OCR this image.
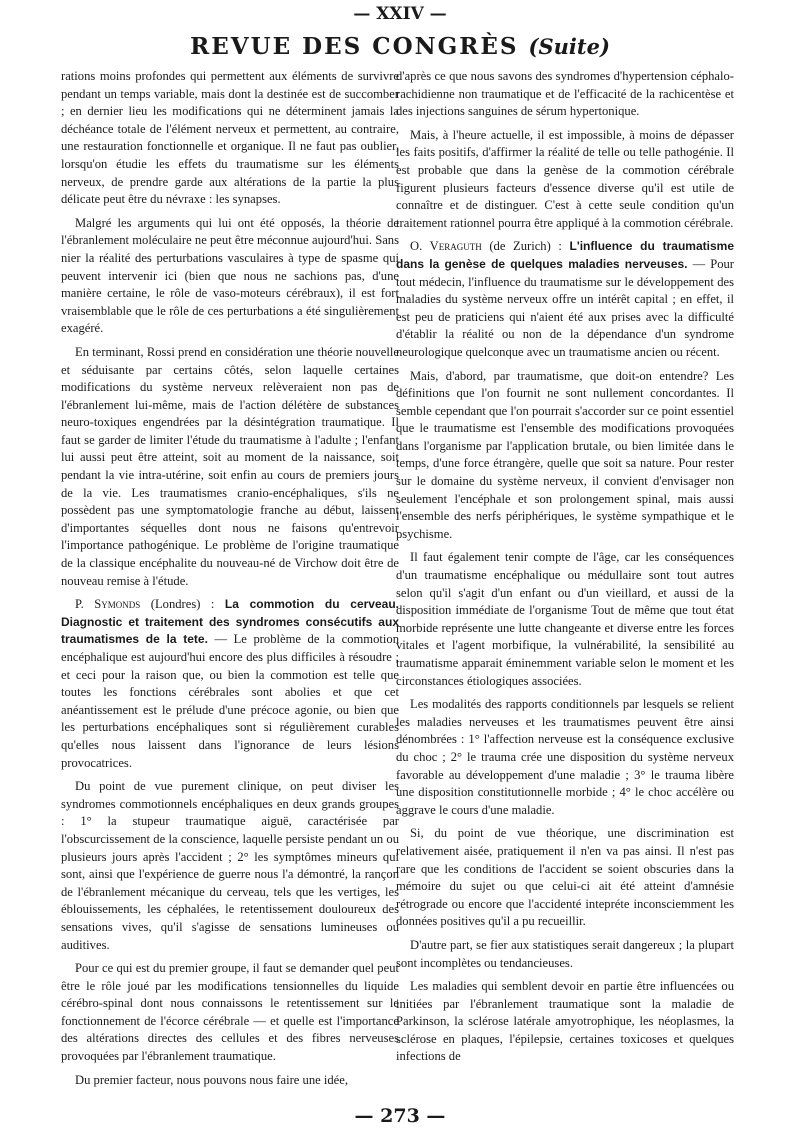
— XXIV —
REVUE DES CONGRÈS (Suite)

rations moins profondes qui permettent aux éléments de survivre pendant un temps variable, mais dont la destinée est de succomber ; en dernier lieu les modifications qui ne déterminent jamais la déchéance totale de l'élément nerveux et permettent, au contraire, une restauration fonctionnelle et organique. Il ne faut pas oublier, lorsqu'on étudie les effets du traumatisme sur les éléments nerveux, de prendre garde aux altérations de la partie la plus délicate peut être du névraxe : les synapses.

Malgré les arguments qui lui ont été opposés, la théorie de l'ébranlement moléculaire ne peut être méconnue aujourd'hui. Sans nier la réalité des perturbations vasculaires à type de spasme qui peuvent intervenir ici (bien que nous ne sachions pas, d'une manière certaine, le rôle de vaso-moteurs cérébraux), il est fort vraisemblable que le rôle de ces perturbations a été singulièrement exagéré.

En terminant, Rossi prend en considération une théorie nouvelle et séduisante par certains côtés, selon laquelle certaines modifications du système nerveux relèveraient non pas de l'ébranlement lui-même, mais de l'action délétère de substances neuro-toxiques engendrées par la désintégration traumatique. Il faut se garder de limiter l'étude du traumatisme à l'adulte ; l'enfant lui aussi peut être atteint, soit au moment de la naissance, soit pendant la vie intra-utérine, soit enfin au cours de premiers jours de la vie. Les traumatismes cranio-encéphaliques, s'ils ne possèdent pas une symptomatologie franche au début, laissent d'importantes séquelles dont nous ne faisons qu'entrevoir l'importance pathogénique. Le problème de l'origine traumatique de la classique encéphalite du nouveau-né de Virchow doit être de nouveau remise à l'étude.

P. Symonds (Londres) : La commotion du cerveau. Diagnostic et traitement des syndromes consécutifs aux traumatismes de la tete. — Le problème de la commotion encéphalique est aujourd'hui encore des plus difficiles à résoudre ; et ceci pour la raison que, ou bien la commotion est telle que toutes les fonctions cérébrales sont abolies et que cet anéantissement est le prélude d'une précoce agonie, ou bien que les perturbations encéphaliques sont si régulièrement curables qu'elles nous laissent dans l'ignorance de leurs lésions provocatrices.

Du point de vue purement clinique, on peut diviser les syndromes commotionnels encéphaliques en deux grands groupes : 1° la stupeur traumatique aiguë, caractérisée par l'obscurcissement de la conscience, laquelle persiste pendant un ou plusieurs jours après l'accident ; 2° les symptômes mineurs qui sont, ainsi que l'expérience de guerre nous l'a démontré, la rançon de l'ébranlement mécanique du cerveau, tels que les vertiges, les éblouissements, les céphalées, le retentissement douloureux des sensations vives, qu'il s'agisse de sensations lumineuses ou auditives.

Pour ce qui est du premier groupe, il faut se demander quel peut être le rôle joué par les modifications tensionnelles du liquide cérébro-spinal dont nous connaissons le retentissement sur le fonctionnement de l'écorce cérébrale — et quelle est l'importance des altérations directes des cellules et des fibres nerveuses provoquées par l'ébranlement traumatique.

Du premier facteur, nous pouvons nous faire une idée,

d'après ce que nous savons des syndromes d'hypertension céphalo-rachidienne non traumatique et de l'efficacité de la rachicentèse et des injections sanguines de sérum hypertonique.

Mais, à l'heure actuelle, il est impossible, à moins de dépasser les faits positifs, d'affirmer la réalité de telle ou telle pathogénie. Il est probable que dans la genèse de la commotion cérébrale figurent plusieurs facteurs d'essence diverse qu'il est utile de connaître et de distinguer. C'est à cette seule condition qu'un traitement rationnel pourra être appliqué à la commotion cérébrale.

O. Veraguth (de Zurich) : L'influence du traumatisme dans la genèse de quelques maladies nerveuses. — Pour tout médecin, l'influence du traumatisme sur le développement des maladies du système nerveux offre un intérêt capital ; en effet, il est peu de praticiens qui n'aient été aux prises avec la difficulté d'établir la réalité ou non de la dépendance d'un syndrome neurologique quelconque avec un traumatisme ancien ou récent.

Mais, d'abord, par traumatisme, que doit-on entendre? Les définitions que l'on fournit ne sont nullement concordantes. Il semble cependant que l'on pourrait s'accorder sur ce point essentiel que le traumatisme est l'ensemble des modifications provoquées dans l'organisme par l'application brutale, ou bien limitée dans le temps, d'une force étrangère, quelle que soit sa nature. Pour rester sur le domaine du système nerveux, il convient d'envisager non seulement l'encéphale et son prolongement spinal, mais aussi l'ensemble des nerfs périphériques, le système sympathique et le psychisme.

Il faut également tenir compte de l'âge, car les conséquences d'un traumatisme encéphalique ou médullaire sont tout autres selon qu'il s'agit d'un enfant ou d'un vieillard, et aussi de la disposition immédiate de l'organisme Tout de même que tout état morbide représente une lutte changeante et diverse entre les forces vitales et l'agent morbifique, la vulnérabilité, la sensibilité au traumatisme apparait éminemment variable selon le moment et les circonstances étiologiques associées.

Les modalités des rapports conditionnels par lesquels se relient les maladies nerveuses et les traumatismes peuvent être ainsi dénombrées : 1° l'affection nerveuse est la conséquence exclusive du choc ; 2° le trauma crée une disposition du système nerveux favorable au développement d'une maladie ; 3° le trauma libère une disposition constitutionnelle morbide ; 4° le choc accélère ou aggrave le cours d'une maladie.

Si, du point de vue théorique, une discrimination est relativement aisée, pratiquement il n'en va pas ainsi. Il n'est pas rare que les conditions de l'accident se soient obscuries dans la mémoire du sujet ou que celui-ci ait été atteint d'amnésie rétrograde ou encore que l'accidenté intepréte inconsciemment les données positives qu'il a pu recueillir.

D'autre part, se fier aux statistiques serait dangereux ; la plupart sont incomplètes ou tendancieuses.

Les maladies qui semblent devoir en partie être influencées ou initiées par l'ébranlement traumatique sont la maladie de Parkinson, la sclérose latérale amyotrophique, les néoplasmes, la sclérose en plaques, l'épilepsie, certaines toxicoses et quelques infections de

— 273 —
